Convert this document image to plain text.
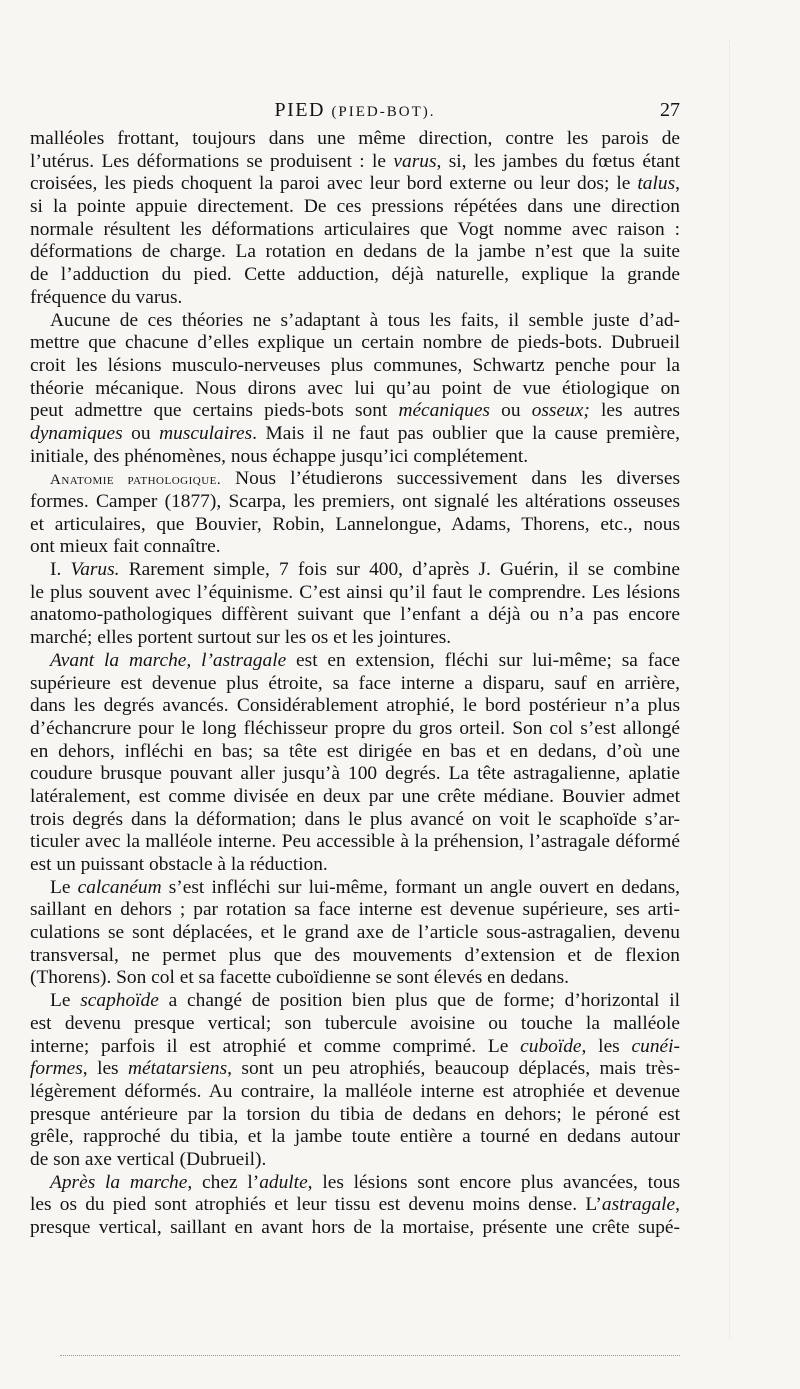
PIED (PIED-BOT).	27
malléoles frottant, toujours dans une même direction, contre les parois de
l’utérus. Les déformations se produisent : le varus, si, les jambes du fœtus étant
croisées, les pieds choquent la paroi avec leur bord externe ou leur dos; le talus,
si la pointe appuie directement. De ces pressions répétées dans une direction
normale résultent les déformations articulaires que Vogt nomme avec raison :
déformations de charge. La rotation en dedans de la jambe n’est que la suite
de l’adduction du pied. Cette adduction, déjà naturelle, explique la grande
fréquence du varus.
Aucune de ces théories ne s’adaptant à tous les faits, il semble juste d’ad-
mettre que chacune d’elles explique un certain nombre de pieds-bots. Dubrueil
croit les lésions musculo-nerveuses plus communes, Schwartz penche pour la
théorie mécanique. Nous dirons avec lui qu’au point de vue étiologique on
peut admettre que certains pieds-bots sont mécaniques ou osseux; les autres
dynamiques ou musculaires. Mais il ne faut pas oublier que la cause première,
initiale, des phénomènes, nous échappe jusqu’ici complétement.
Anatomie pathologique. Nous l’étudierons successivement dans les diverses
formes. Camper (1877), Scarpa, les premiers, ont signalé les altérations osseuses
et articulaires, que Bouvier, Robin, Lannelongue, Adams, Thorens, etc., nous
ont mieux fait connaître.
I. Varus. Rarement simple, 7 fois sur 400, d’après J. Guérin, il se combine
le plus souvent avec l’équinisme. C’est ainsi qu’il faut le comprendre. Les lésions
anatomo-pathologiques diffèrent suivant que l’enfant a déjà ou n’a pas encore
marché; elles portent surtout sur les os et les jointures.
Avant la marche, l’astragale est en extension, fléchi sur lui-même; sa face
supérieure est devenue plus étroite, sa face interne a disparu, sauf en arrière,
dans les degrés avancés. Considérablement atrophié, le bord postérieur n’a plus
d’échancrure pour le long fléchisseur propre du gros orteil. Son col s’est allongé
en dehors, infléchi en bas; sa tête est dirigée en bas et en dedans, d’où une
coudure brusque pouvant aller jusqu’à 100 degrés. La tête astragalienne, aplatie
latéralement, est comme divisée en deux par une crête médiane. Bouvier admet
trois degrés dans la déformation; dans le plus avancé on voit le scaphoïde s’ar-
ticuler avec la malléole interne. Peu accessible à la préhension, l’astragale déformé
est un puissant obstacle à la réduction.
Le calcanéum s’est infléchi sur lui-même, formant un angle ouvert en dedans,
saillant en dehors ; par rotation sa face interne est devenue supérieure, ses arti-
culations se sont déplacées, et le grand axe de l’article sous-astragalien, devenu
transversal, ne permet plus que des mouvements d’extension et de flexion
(Thorens). Son col et sa facette cuboïdienne se sont élevés en dedans.
Le scaphoïde a changé de position bien plus que de forme; d’horizontal il
est devenu presque vertical; son tubercule avoisine ou touche la malléole
interne; parfois il est atrophié et comme comprimé. Le cuboïde, les cunéi-
formes, les métatarsiens, sont un peu atrophiés, beaucoup déplacés, mais très-
légèrement déformés. Au contraire, la malléole interne est atrophiée et devenue
presque antérieure par la torsion du tibia de dedans en dehors; le péroné est
grêle, rapproché du tibia, et la jambe toute entière a tourné en dedans autour
de son axe vertical (Dubrueil).
Après la marche, chez l’adulte, les lésions sont encore plus avancées, tous
les os du pied sont atrophiés et leur tissu est devenu moins dense. L’astragale,
presque vertical, saillant en avant hors de la mortaise, présente une crête supé-
